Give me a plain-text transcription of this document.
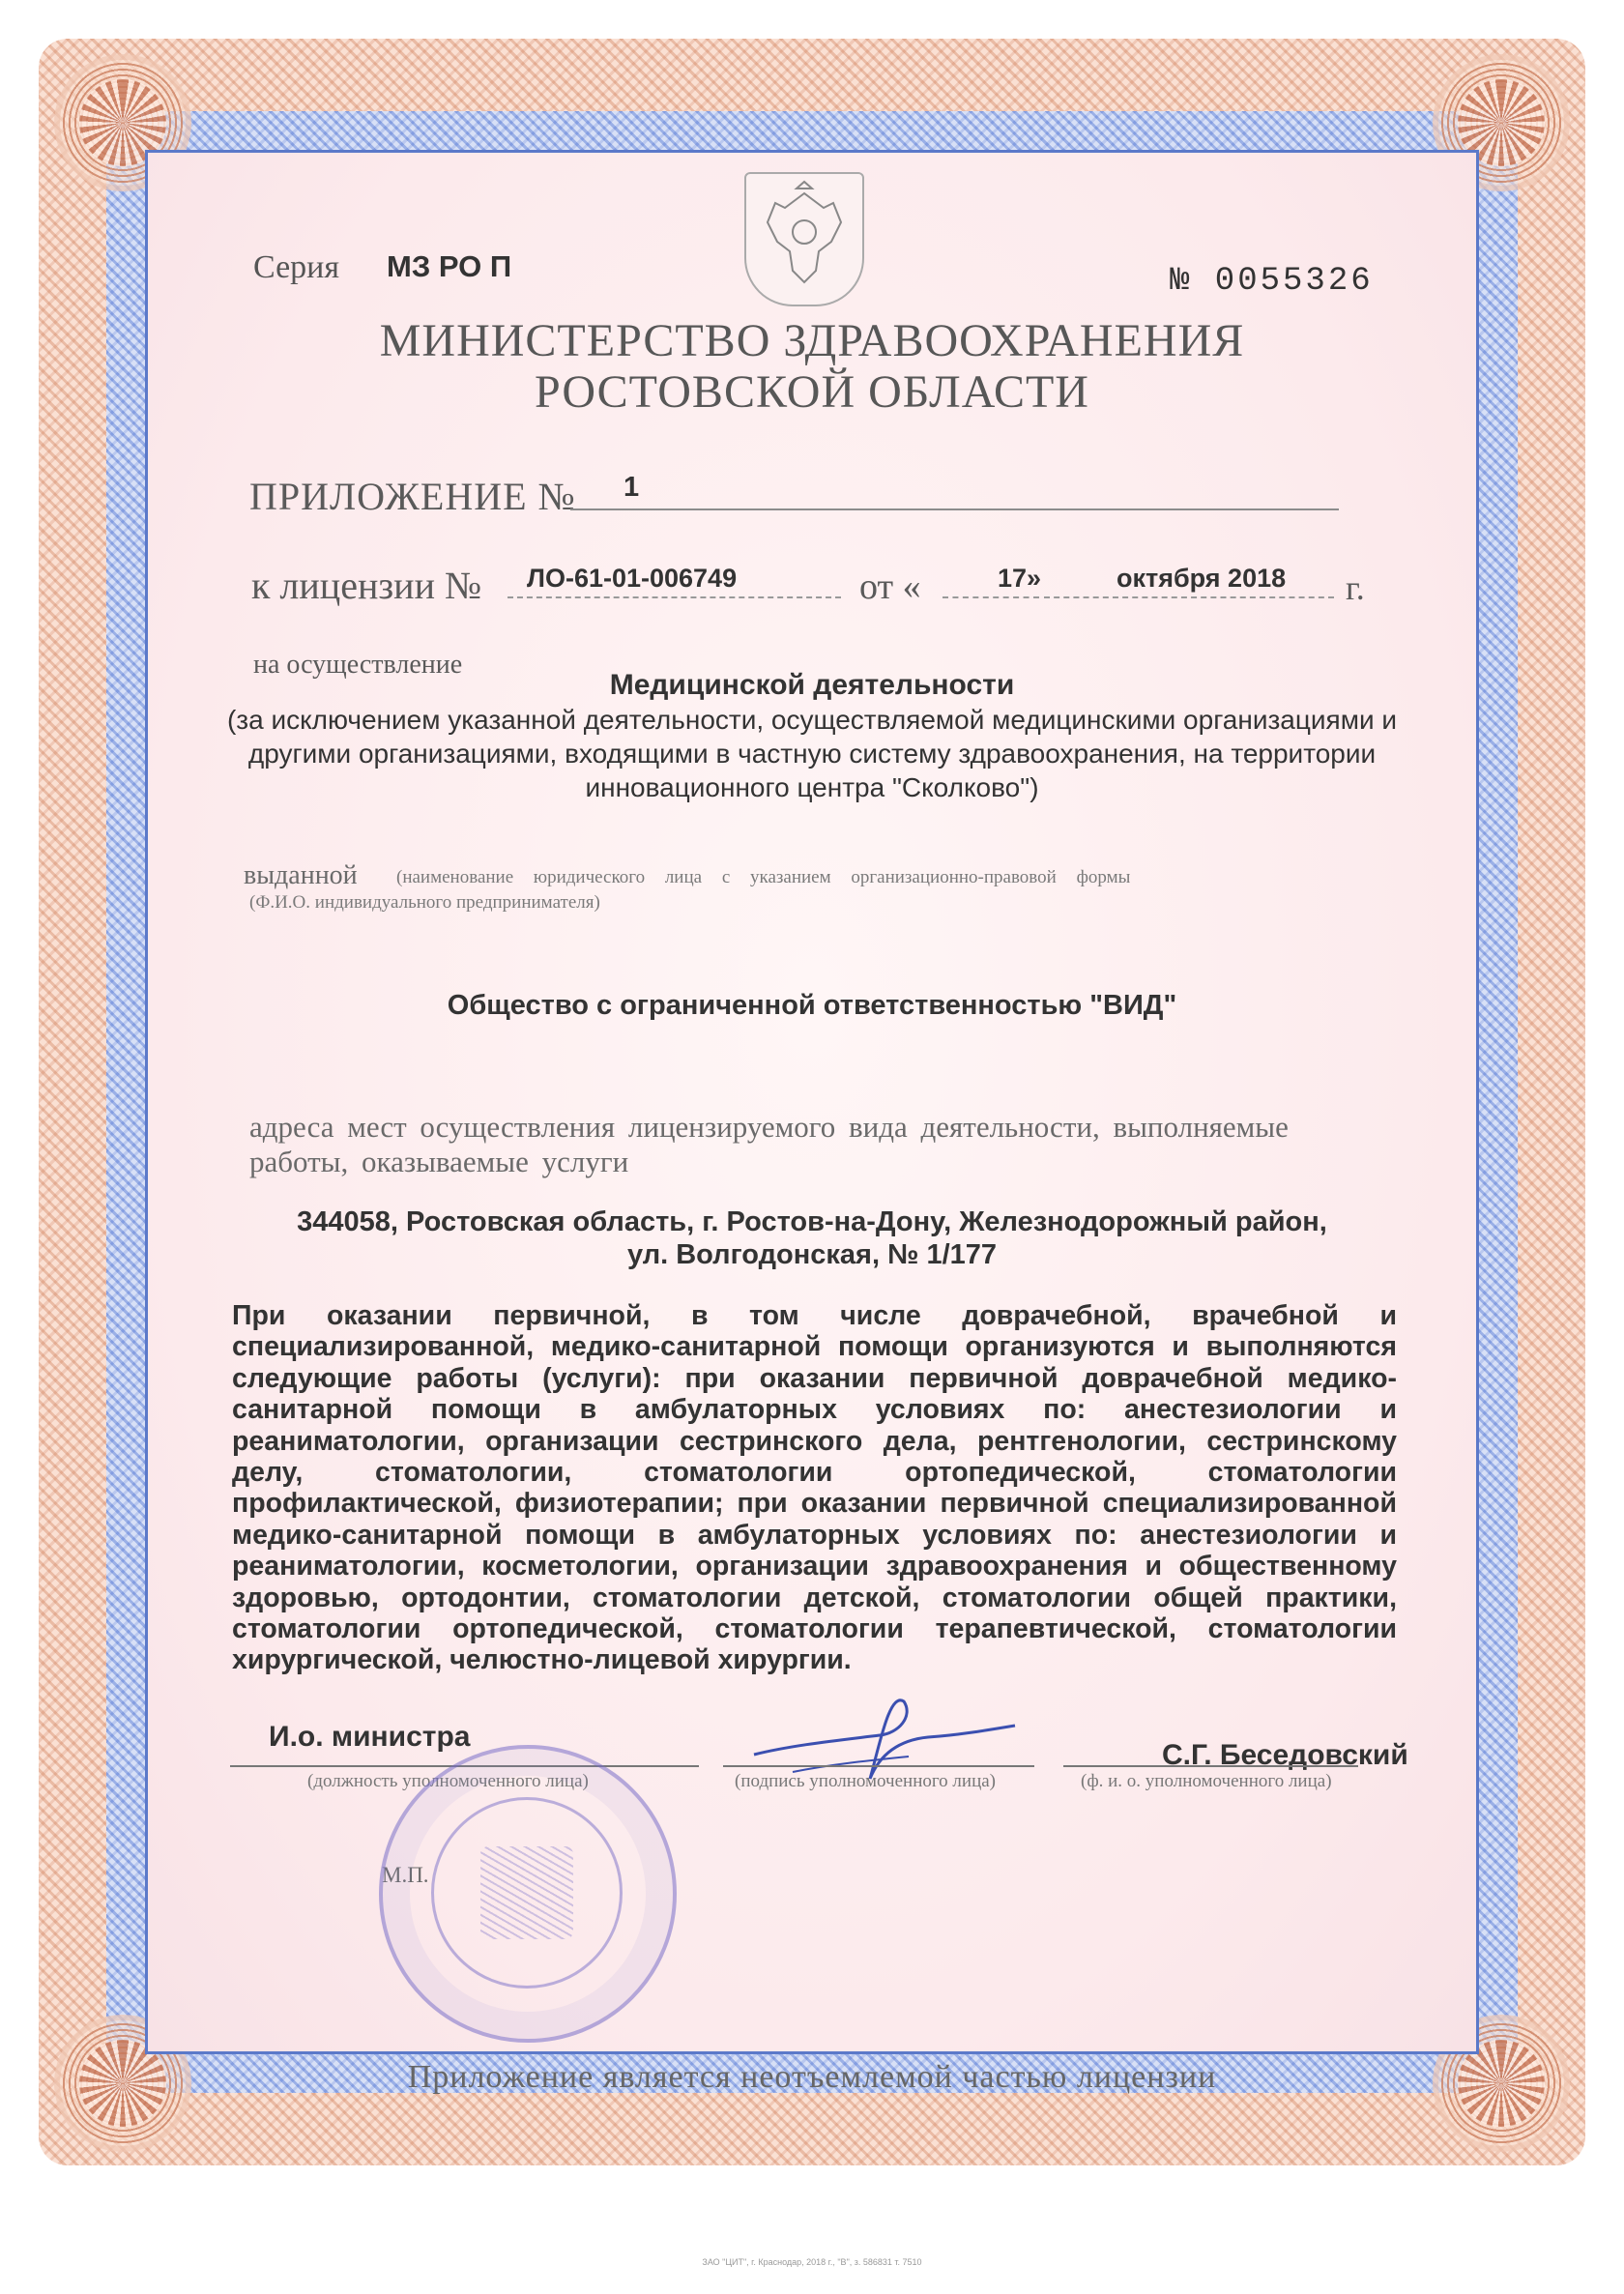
Серия МЗ РО П	№ 0055326
МИНИСТЕРСТВО ЗДРАВООХРАНЕНИЯ
РОСТОВСКОЙ ОБЛАСТИ
ПРИЛОЖЕНИЕ № 1
к лицензии № ЛО-61-01-006749	от «	17»	октября 2018 г.
на осуществление
Медицинской деятельности
(за исключением указанной деятельности, осуществляемой медицинскими организациями и другими организациями, входящими в частную систему здравоохранения, на территории инновационного центра "Сколково")
выданной (наименование юридического лица с указанием организационно-правовой формы
(Ф.И.О. индивидуального предпринимателя)
Общество с ограниченной ответственностью "ВИД"
адреса мест осуществления лицензируемого вида деятельности, выполняемые работы, оказываемые услуги
344058, Ростовская область, г. Ростов-на-Дону, Железнодорожный район,
ул. Волгодонская, № 1/177
При оказании первичной, в том числе доврачебной, врачебной и специализированной, медико-санитарной помощи организуются и выполняются следующие работы (услуги): при оказании первичной доврачебной медико-санитарной помощи в амбулаторных условиях по: анестезиологии и реаниматологии, организации сестринского дела, рентгенологии, сестринскому делу, стоматологии, стоматологии ортопедической, стоматологии профилактической, физиотерапии; при оказании первичной специализированной медико-санитарной помощи в амбулаторных условиях по: анестезиологии и реаниматологии, косметологии, организации здравоохранения и общественному здоровью, ортодонтии, стоматологии детской, стоматологии общей практики, стоматологии ортопедической, стоматологии терапевтической, стоматологии хирургической, челюстно-лицевой хирургии.
И.о. министра
(должность уполномоченного лица)	(подпись уполномоченного лица)
С.Г. Беседовский
(ф. и. о. уполномоченного лица)
М.П.
Приложение является неотъемлемой частью лицензии
ЗАО "ЦИТ", г. Краснодар, 2018 г., "В", з. 586831 т. 7510
